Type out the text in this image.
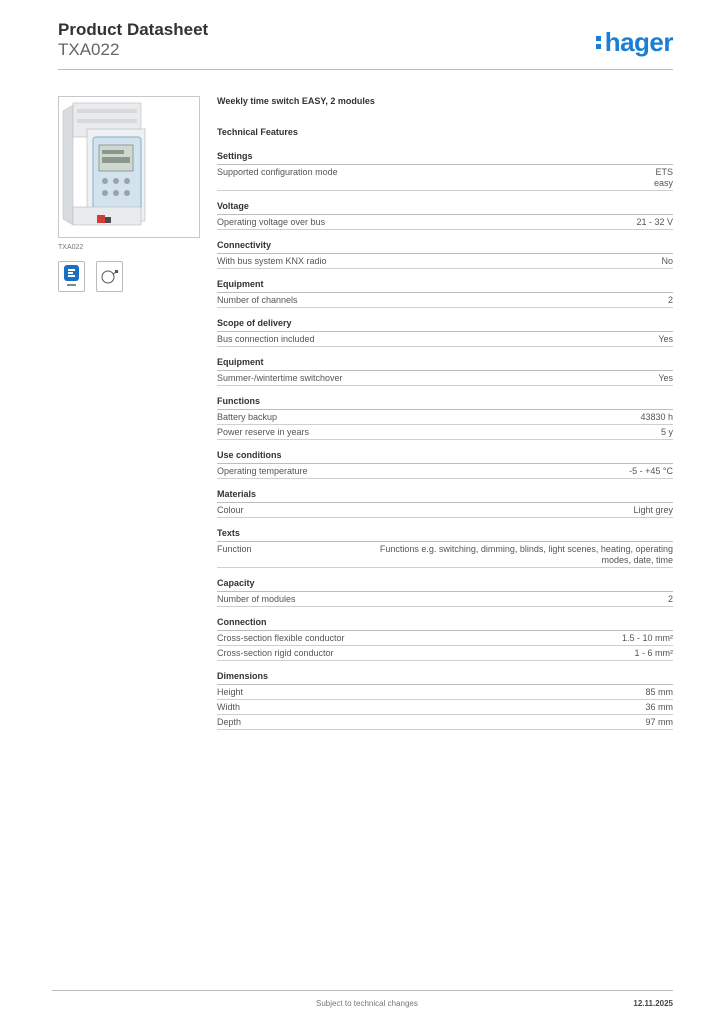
Product Datasheet
TXA022	hager
TXA022
Weekly time switch EASY, 2 modules
Technical Features
Settings
Supported configuration mode	ETS
easy
Voltage
Operating voltage over bus	21 - 32 V
Connectivity
With bus system KNX radio	No
Equipment
Number of channels	2
Scope of delivery
Bus connection included	Yes
Equipment
Summer-/wintertime switchover	Yes
Functions
Battery backup	43830 h
Power reserve in years	5 y
Use conditions
Operating temperature	-5 - +45 °C
Materials
Colour	Light grey
Texts
Function	Functions e.g. switching, dimming, blinds, light scenes, heating, operating modes, date, time
Capacity
Number of modules	2
Connection
Cross-section flexible conductor	1.5 - 10 mm²
Cross-section rigid conductor	1 - 6 mm²
Dimensions
Height	85 mm
Width	36 mm
Depth	97 mm
Subject to technical changes	12.11.2025
